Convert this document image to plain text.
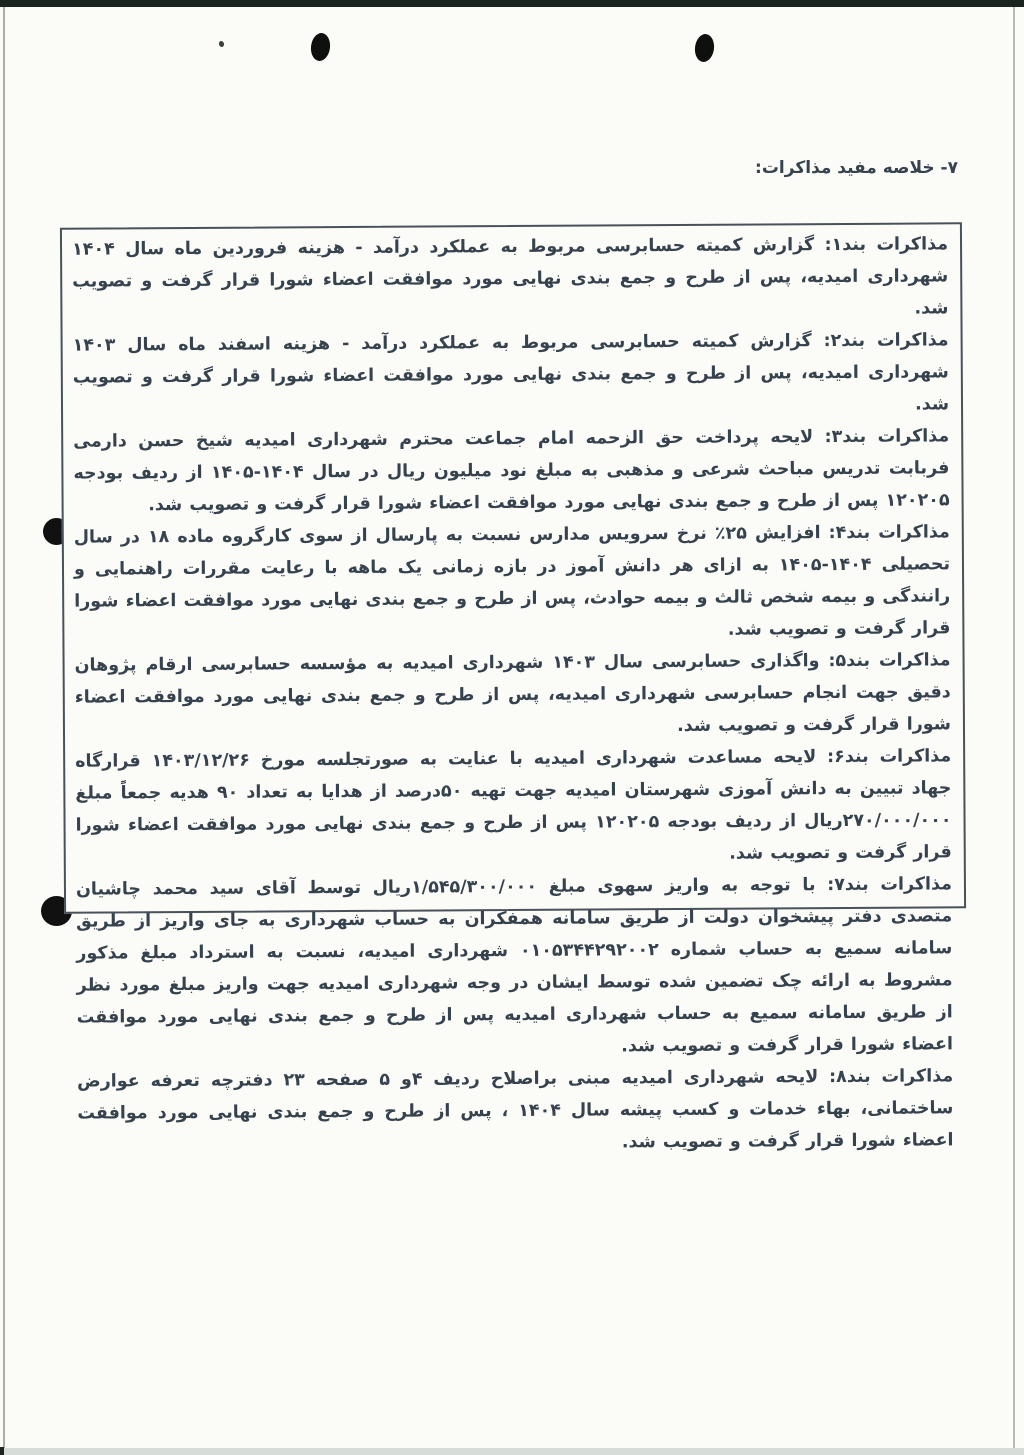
۷- خلاصه مفید مذاکرات:

مذاکرات بند۱: گزارش کمیته حسابرسی مربوط به عملکرد درآمد - هزینه فروردین ماه سال ۱۴۰۴ شهرداری امیدیه، پس از طرح و جمع بندی نهایی مورد موافقت اعضاء شورا قرار گرفت و تصویب شد.

مذاکرات بند۲: گزارش کمیته حسابرسی مربوط به عملکرد درآمد - هزینه اسفند ماه سال ۱۴۰۳ شهرداری امیدیه، پس از طرح و جمع بندی نهایی مورد موافقت اعضاء شورا قرار گرفت و تصویب شد.

مذاکرات بند۳: لایحه پرداخت حق الزحمه امام جماعت محترم شهرداری امیدیه شیخ حسن دارمی فربابت تدریس مباحث شرعی و مذهبی به مبلغ نود میلیون ریال در سال ۱۴۰۴-۱۴۰۵ از ردیف بودجه ۱۲۰۲۰۵ پس از طرح و جمع بندی نهایی مورد موافقت اعضاء شورا قرار گرفت و تصویب شد.

مذاکرات بند۴: افزایش ۲۵٪ نرخ سرویس مدارس نسبت به پارسال از سوی کارگروه ماده ۱۸ در سال تحصیلی ۱۴۰۴-۱۴۰۵ به ازای هر دانش آموز در بازه زمانی یک ماهه با رعایت مقررات راهنمایی و رانندگی و بیمه شخص ثالث و بیمه حوادث، پس از طرح و جمع بندی نهایی مورد موافقت اعضاء شورا قرار گرفت و تصویب شد.

مذاکرات بند۵: واگذاری حسابرسی سال ۱۴۰۳ شهرداری امیدیه به مؤسسه حسابرسی ارقام پژوهان دقیق جهت انجام حسابرسی شهرداری امیدیه، پس از طرح و جمع بندی نهایی مورد موافقت اعضاء شورا قرار گرفت و تصویب شد.

مذاکرات بند۶: لایحه مساعدت شهرداری امیدیه با عنایت به صورتجلسه مورخ ۱۴۰۳/۱۲/۲۶ قرارگاه جهاد تبیین به دانش آموزی شهرستان امیدیه جهت تهیه ۵۰درصد از هدایا به تعداد ۹۰ هدیه جمعاً مبلغ ۲۷۰/۰۰۰/۰۰۰ریال از ردیف بودجه ۱۲۰۲۰۵ پس از طرح و جمع بندی نهایی مورد موافقت اعضاء شورا قرار گرفت و تصویب شد.

مذاکرات بند۷: با توجه به واریز سهوی مبلغ ۱/۵۴۵/۳۰۰/۰۰۰ریال توسط آقای سید محمد چاشیان متصدی دفتر پیشخوان دولت از طریق سامانه همفکران به حساب شهرداری به جای واریز از طریق سامانه سمیع به حساب شماره ۰۱۰۵۳۴۴۲۹۲۰۰۲ شهرداری امیدیه، نسبت به استرداد مبلغ مذکور مشروط به ارائه چک تضمین شده توسط ایشان در وجه شهرداری امیدیه جهت واریز مبلغ مورد نظر از طریق سامانه سمیع به حساب شهرداری امیدیه پس از طرح و جمع بندی نهایی مورد موافقت اعضاء شورا قرار گرفت و تصویب شد.

مذاکرات بند۸: لایحه شهرداری امیدیه مبنی براصلاح ردیف ۴و ۵ صفحه ۲۳ دفترچه تعرفه عوارض ساختمانی، بهاء خدمات و کسب پیشه سال ۱۴۰۴ ، پس از طرح و جمع بندی نهایی مورد موافقت اعضاء شورا قرار گرفت و تصویب شد.
